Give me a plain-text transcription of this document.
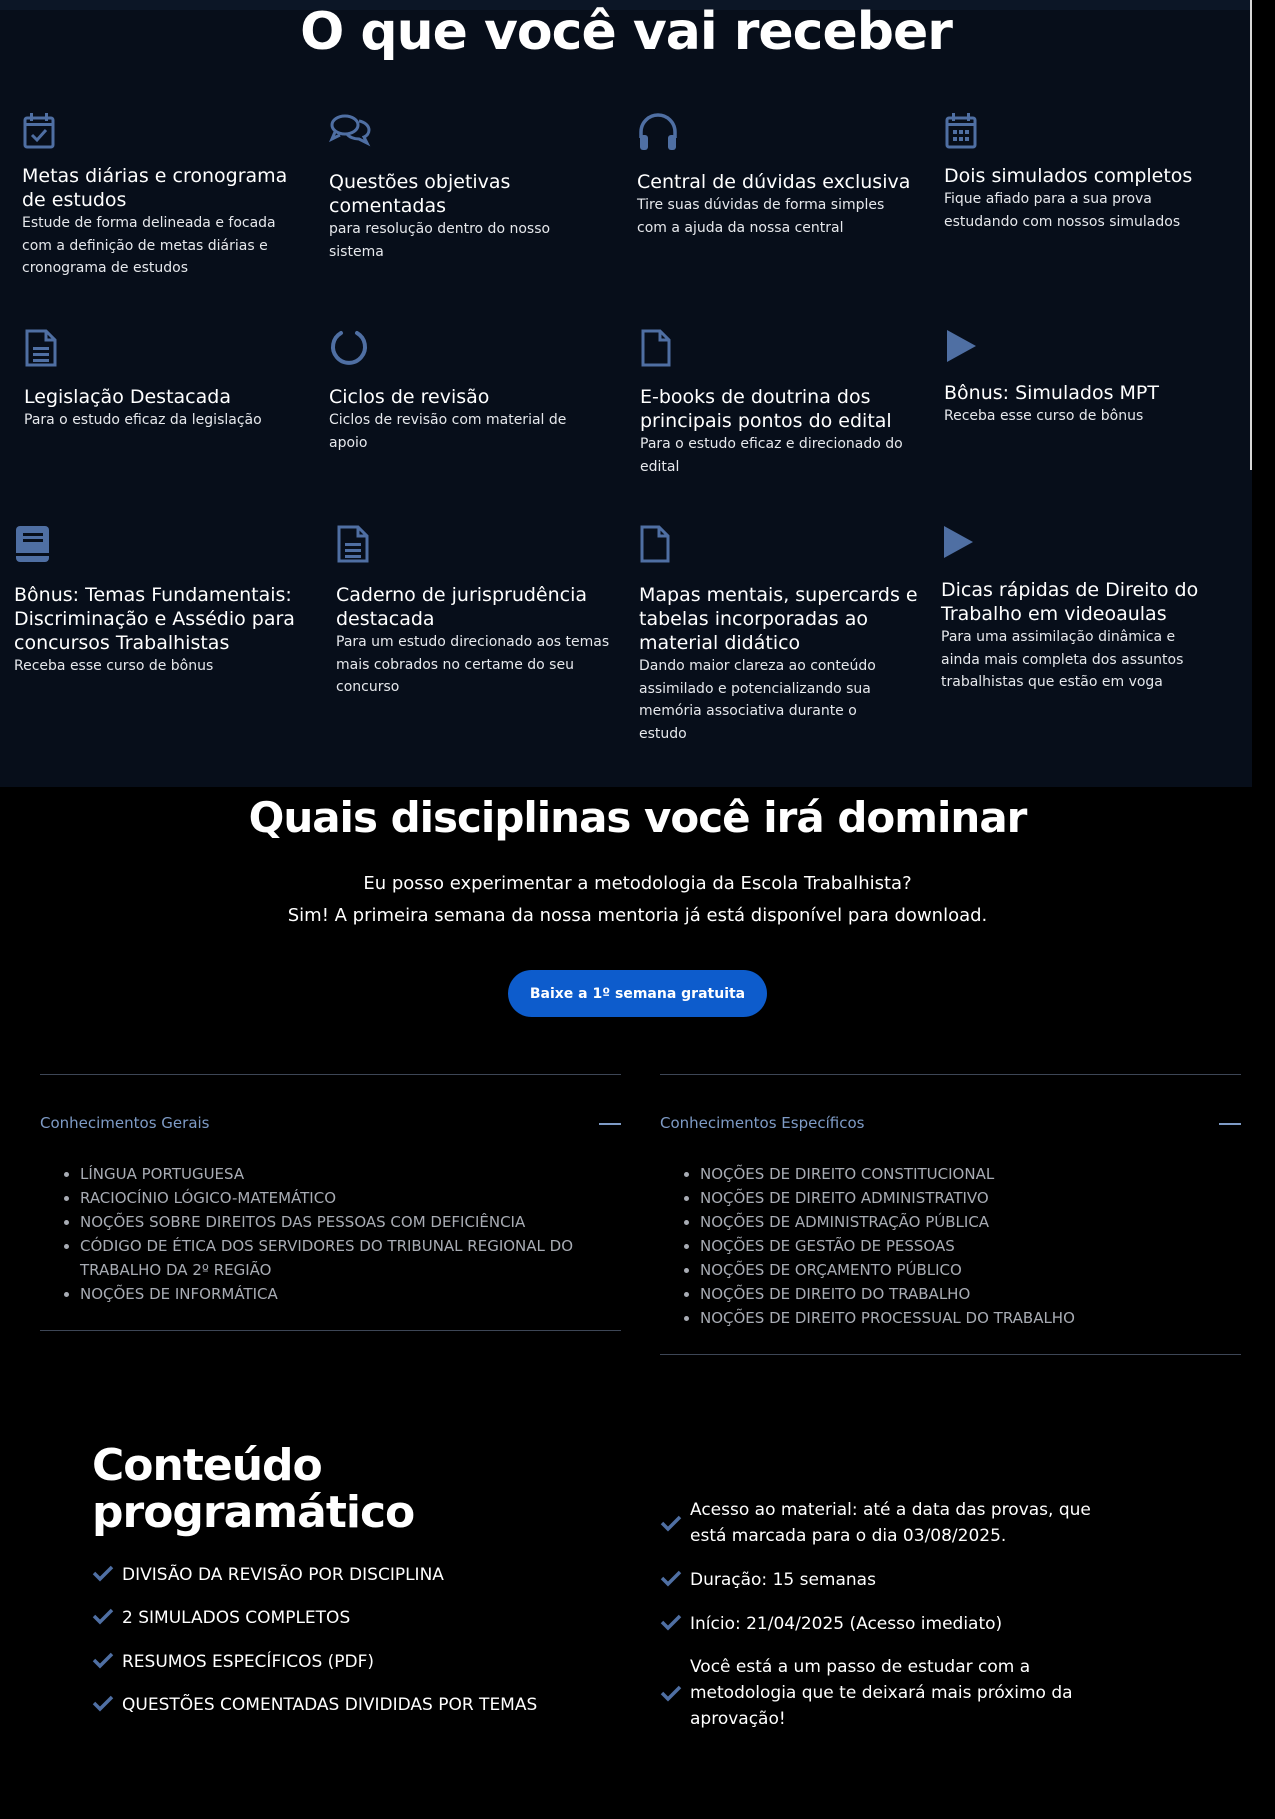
O que você vai receber
Metas diárias e cronograma de estudos
Estude de forma delineada e focada com a definição de metas diárias e cronograma de estudos
Questões objetivas comentadas
para resolução dentro do nosso sistema
Central de dúvidas exclusiva
Tire suas dúvidas de forma simples com a ajuda da nossa central
Dois simulados completos
Fique afiado para a sua prova estudando com nossos simulados
Legislação Destacada
Para o estudo eficaz da legislação
Ciclos de revisão
Ciclos de revisão com material de apoio
E-books de doutrina dos principais pontos do edital
Para o estudo eficaz e direcionado do edital
Bônus: Simulados MPT
Receba esse curso de bônus
Bônus: Temas Fundamentais: Discriminação e Assédio para concursos Trabalhistas
Receba esse curso de bônus
Caderno de jurisprudência destacada
Para um estudo direcionado aos temas mais cobrados no certame do seu concurso
Mapas mentais, supercards e tabelas incorporadas ao material didático
Dando maior clareza ao conteúdo assimilado e potencializando sua memória associativa durante o estudo
Dicas rápidas de Direito do Trabalho em videoaulas
Para uma assimilação dinâmica e ainda mais completa dos assuntos trabalhistas que estão em voga
Quais disciplinas você irá dominar
Eu posso experimentar a metodologia da Escola Trabalhista?
Sim! A primeira semana da nossa mentoria já está disponível para download.
Baixe a 1º semana gratuita
Conhecimentos Gerais
• LÍNGUA PORTUGUESA
• RACIOCÍNIO LÓGICO-MATEMÁTICO
• NOÇÕES SOBRE DIREITOS DAS PESSOAS COM DEFICIÊNCIA
• CÓDIGO DE ÉTICA DOS SERVIDORES DO TRIBUNAL REGIONAL DO TRABALHO DA 2º REGIÃO
• NOÇÕES DE INFORMÁTICA
Conhecimentos Específicos
• NOÇÕES DE DIREITO CONSTITUCIONAL
• NOÇÕES DE DIREITO ADMINISTRATIVO
• NOÇÕES DE ADMINISTRAÇÃO PÚBLICA
• NOÇÕES DE GESTÃO DE PESSOAS
• NOÇÕES DE ORÇAMENTO PÚBLICO
• NOÇÕES DE DIREITO DO TRABALHO
• NOÇÕES DE DIREITO PROCESSUAL DO TRABALHO
Conteúdo programático
DIVISÃO DA REVISÃO POR DISCIPLINA
2 SIMULADOS COMPLETOS
RESUMOS ESPECÍFICOS (PDF)
QUESTÕES COMENTADAS DIVIDIDAS POR TEMAS
Acesso ao material: até a data das provas, que está marcada para o dia 03/08/2025.
Duração: 15 semanas
Início: 21/04/2025 (Acesso imediato)
Você está a um passo de estudar com a metodologia que te deixará mais próximo da aprovação!
